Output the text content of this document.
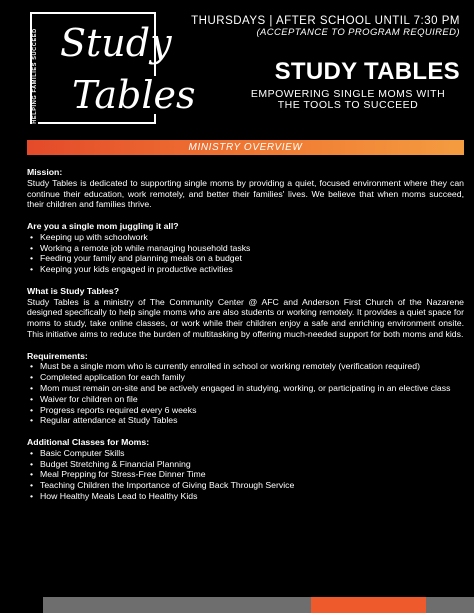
HELPING FAMILIES SUCCEED Study
Tables
THURSDAYS | AFTER SCHOOL UNTIL 7:30 PM
(ACCEPTANCE TO PROGRAM REQUIRED)
STUDY TABLES
EMPOWERING SINGLE MOMS WITH THE TOOLS TO SUCCEED
MINISTRY OVERVIEW
Mission:

Study Tables is dedicated to supporting single moms by providing a quiet, focused environment where they can continue their education, work remotely, and better their families' lives. We believe that when moms succeed, their children and families thrive.

Are you a single mom juggling it all?
• Keeping up with schoolwork
• Working a remote job while managing household tasks
• Feeding your family and planning meals on a budget
• Keeping your kids engaged in productive activities
What is Study Tables?

Study Tables is a ministry of The Community Center @ AFC and Anderson First Church of the Nazarene designed specifically to help single moms who are also students or working remotely. It provides a quiet space for moms to study, take online classes, or work while their children enjoy a safe and enriching environment onsite. This initiative aims to reduce the burden of multitasking by offering much-needed support for both moms and kids.

Requirements:
• Must be a single mom who is currently enrolled in school or working remotely (verification required)
• Completed application for each family
• Mom must remain on-site and be actively engaged in studying, working, or participating in an elective class
• Waiver for children on file
• Progress reports required every 6 weeks
• Regular attendance at Study Tables
Additional Classes for Moms:
• Basic Computer Skills
• Budget Stretching & Financial Planning
• Meal Prepping for Stress-Free Dinner Time
• Teaching Children the Importance of Giving Back Through Service
• How Healthy Meals Lead to Healthy Kids
